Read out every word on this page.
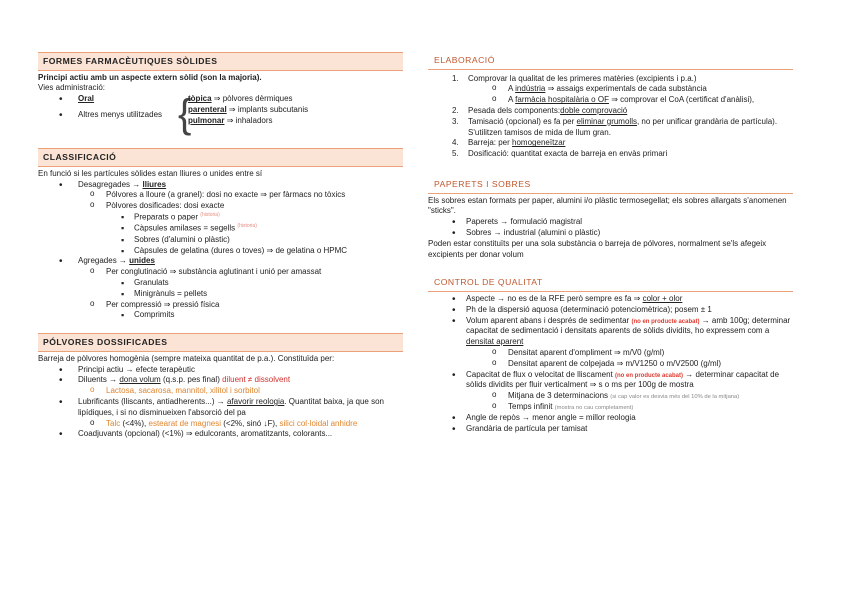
FORMES FARMACÈUTIQUES SÒLIDES

Principi actiu amb un aspecte extern sòlid (son la majoria).

Vies administració:

• Oral
• Altres menys utilitzades {
tòpica ⇒ pòlvores dèrmiques
parenteral ⇒ implants subcutanis
pulmonar ⇒ inhaladors
CLASSIFICACIÓ

En funció si les partícules sòlides estan lliures o unides entre sí

• Desagregades → lliures
o Pólvores a lloure (a granel): dosi no exacte ⇒ per fàrmacs no tòxics
o Pòlvores dosificades: dosi exacte
▪ Preparats o paper $^{(historia)}$
▪ Càpsules amilases = segells $^{(historia)}$
▪ Sobres (d'alumini o plàstic)
▪ Càpsules de gelatina (dures o toves) ⇒ de gelatina o HPMC
• Agregades → unides
o Per conglutinació ⇒ substància aglutinant i unió per amassat
▪ Granulats
▪ Minigrànuls = pellets
o Per compressió ⇒ pressió física
▪ Comprimits
PÓLVORES DOSSIFICADES

Barreja de pòlvores homogènia (sempre mateixa quantitat de p.a.). Constituïda per:

• Principi actiu → efecte terapèutic
• Diluents → dona volum (q.s.p. pes final) diluent ≠ dissolvent
o Lactosa, sacarosa, mannitol, xilitol i sorbitol
• Lubrificants (lliscants, antiadherents...) → afavorir reologia. Quantitat baixa, ja que son lipídiques, i si no disminueixen l'absorció del pa
o Talc (<4%), estearat de magnesi (<2%, sinó ↓F), silici col·loidal anhidre
• Coadjuvants (opcional) (<1%) ⇒ edulcorants, aromatitzants, colorants...
ELABORACIÓ
1. Comprovar la qualitat de les primeres matèries (excipients i p.a.)
o A indústria ⇒ assaigs experimentals de cada substància
o A farmàcia hospitalària o OF ⇒ comprovar el CoA (certificat d'anàlisi),
2. Pesada dels components:doble comprovació
3. Tamisació (opcional) es fa per eliminar grumolls, no per unificar grandària de partícula). S'utilitzen tamisos de mida de llum gran.
4. Barreja: per homogeneïtzar
5. Dosificació: quantitat exacta de barreja en envàs primari
PAPERETS I SOBRES

Els sobres estan formats per paper, alumini i/o plàstic termosegellat; els sobres allargats s'anomenen "sticks".

• Paperets → formulació magistral
• Sobres → industrial (alumini o plàstic)

Poden estar constituïts per una sola substància o barreja de pólvores, normalment se'ls afegeix excipients per donar volum

CONTROL DE QUALITAT
• Aspecte → no es de la RFE però sempre es fa ⇒ color + olor
• Ph de la dispersió aquosa (determinació potenciomètrica); posem ± 1
• Volum aparent abans i després de sedimentar (no en producte acabat) → amb 100g; determinar capacitat de sedimentació i densitats aparents de sòlids dividits, ho expressem com a densitat aparent
o Densitat aparent d'ompliment ⇒ m/V0 (g/ml)
o Densitat aparent de colpejada ⇒ m/V1250 o m/V2500 (g/ml)
• Capacitat de flux o velocitat de lliscament (no en producte acabat) → determinar capacitat de sòlids dividits per fluir verticalment ⇒ s o ms per 100g de mostra
o Mitjana de 3 determinacions (si cap valor es desvia més del 10% de la mitjana)
o Temps infinit (mostra no cau completament)
• Angle de repòs → menor angle = millor reologia
• Grandària de partícula per tamisat
